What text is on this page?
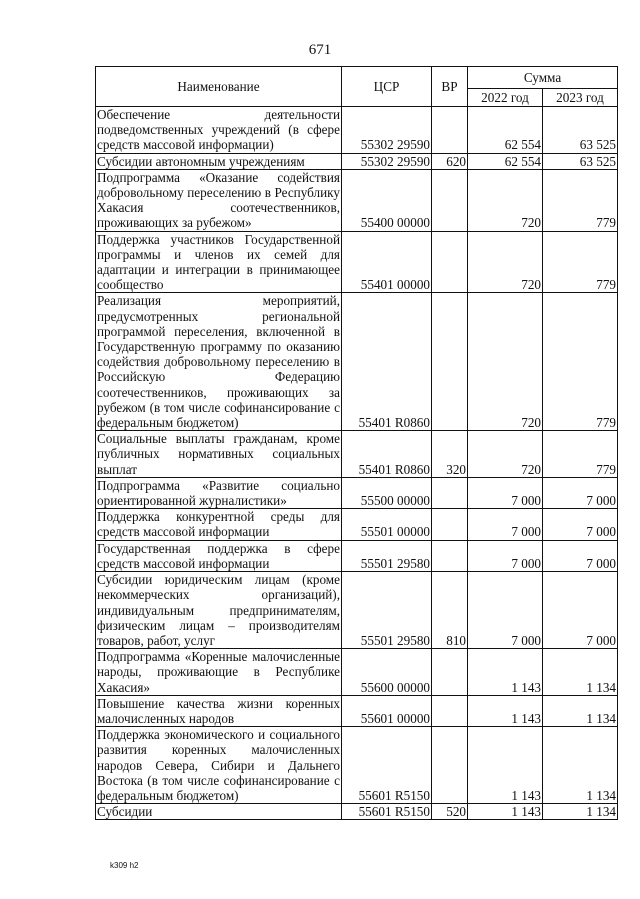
671
Наименование	ЦСР	ВР	Сумма	
			2022 год	2023 год
Обеспечение деятельности подведомственных учреждений (в сфере средств массовой информации)	55302 29590		62 554	63 525
Субсидии автономным учреждениям	55302 29590	620	62 554	63 525
Подпрограмма «Оказание содействия добровольному переселению в Республику Хакасия соотечественников, проживающих за рубежом»	55400 00000		720	779
Поддержка участников Государственной программы и членов их семей для адаптации и интеграции в принимающее сообщество	55401 00000		720	779
Реализация мероприятий, предусмотренных региональной программой переселения, включенной в Государственную программу по оказанию содействия добровольному переселению в Российскую Федерацию соотечественников, проживающих за рубежом (в том числе софинансирование с федеральным бюджетом)	55401 R0860		720	779
Социальные выплаты гражданам, кроме публичных нормативных социальных выплат	55401 R0860	320	720	779
Подпрограмма «Развитие социально ориентированной журналистики»	55500 00000		7 000	7 000
Поддержка конкурентной среды для средств массовой информации	55501 00000		7 000	7 000
Государственная поддержка в сфере средств массовой информации	55501 29580		7 000	7 000
Субсидии юридическим лицам (кроме некоммерческих организаций), индивидуальным предпринимателям, физическим лицам – производителям товаров, работ, услуг	55501 29580	810	7 000	7 000
Подпрограмма «Коренные малочисленные народы, проживающие в Республике Хакасия»	55600 00000		1 143	1 134
Повышение качества жизни коренных малочисленных народов	55601 00000		1 143	1 134
Поддержка экономического и социального развития коренных малочисленных народов Севера, Сибири и Дальнего Востока (в том числе софинансирование с федеральным бюджетом)	55601 R5150		1 143	1 134
Субсидии	55601 R5150	520	1 143	1 134
k309 h2
